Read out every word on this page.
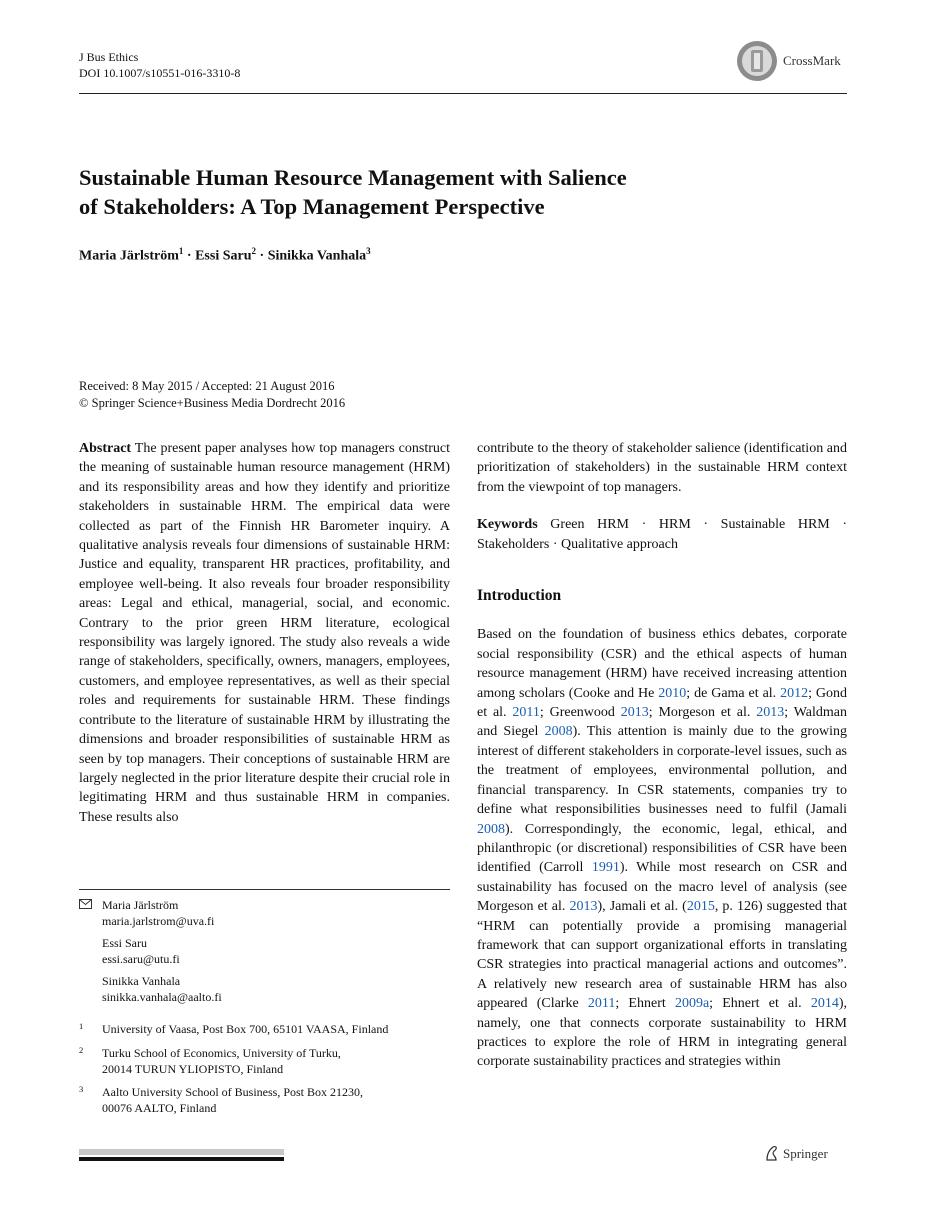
J Bus Ethics
DOI 10.1007/s10551-016-3310-8
CrossMark
Sustainable Human Resource Management with Salience
of Stakeholders: A Top Management Perspective
Maria Järlström$^1$ · Essi Saru$^2$ · Sinikka Vanhala$^3$
Received: 8 May 2015 / Accepted: 21 August 2016
© Springer Science+Business Media Dordrecht 2016
Abstract The present paper analyses how top managers construct the meaning of sustainable human resource management (HRM) and its responsibility areas and how they identify and prioritize stakeholders in sustainable HRM. The empirical data were collected as part of the Finnish HR Barometer inquiry. A qualitative analysis reveals four dimensions of sustainable HRM: Justice and equality, transparent HR practices, profitability, and employee well-being. It also reveals four broader responsibility areas: Legal and ethical, managerial, social, and economic. Contrary to the prior green HRM literature, ecological responsibility was largely ignored. The study also reveals a wide range of stakeholders, specifically, owners, managers, employees, customers, and employee representatives, as well as their special roles and requirements for sustainable HRM. These findings contribute to the literature of sustainable HRM by illustrating the dimensions and broader responsibilities of sustainable HRM as seen by top managers. Their conceptions of sustainable HRM are largely neglected in the prior literature despite their crucial role in legitimating HRM and thus sustainable HRM in companies. These results also
contribute to the theory of stakeholder salience (identification and prioritization of stakeholders) in the sustainable HRM context from the viewpoint of top managers.
Keywords Green HRM · HRM · Sustainable HRM · Stakeholders · Qualitative approach
Introduction
Based on the foundation of business ethics debates, corporate social responsibility (CSR) and the ethical aspects of human resource management (HRM) have received increasing attention among scholars (Cooke and He 2010; de Gama et al. 2012; Gond et al. 2011; Greenwood 2013; Morgeson et al. 2013; Waldman and Siegel 2008). This attention is mainly due to the growing interest of different stakeholders in corporate-level issues, such as the treatment of employees, environmental pollution, and financial transparency. In CSR statements, companies try to define what responsibilities businesses need to fulfil (Jamali 2008). Correspondingly, the economic, legal, ethical, and philanthropic (or discretional) responsibilities of CSR have been identified (Carroll 1991). While most research on CSR and sustainability has focused on the macro level of analysis (see Morgeson et al. 2013), Jamali et al. (2015, p. 126) suggested that “HRM can potentially provide a promising managerial framework that can support organizational efforts in translating CSR strategies into practical managerial actions and outcomes”. A relatively new research area of sustainable HRM has also appeared (Clarke 2011; Ehnert 2009a; Ehnert et al. 2014), namely, one that connects corporate sustainability to HRM practices to explore the role of HRM in integrating general corporate sustainability practices and strategies within
Maria Järlström
maria.jarlstrom@uva.fi
Essi Saru
essi.saru@utu.fi
Sinikka Vanhala
sinikka.vanhala@aalto.fi
1 University of Vaasa, Post Box 700, 65101 VAASA, Finland
2 Turku School of Economics, University of Turku,
20014 TURUN YLIOPISTO, Finland
3 Aalto University School of Business, Post Box 21230,
00076 AALTO, Finland
Springer
